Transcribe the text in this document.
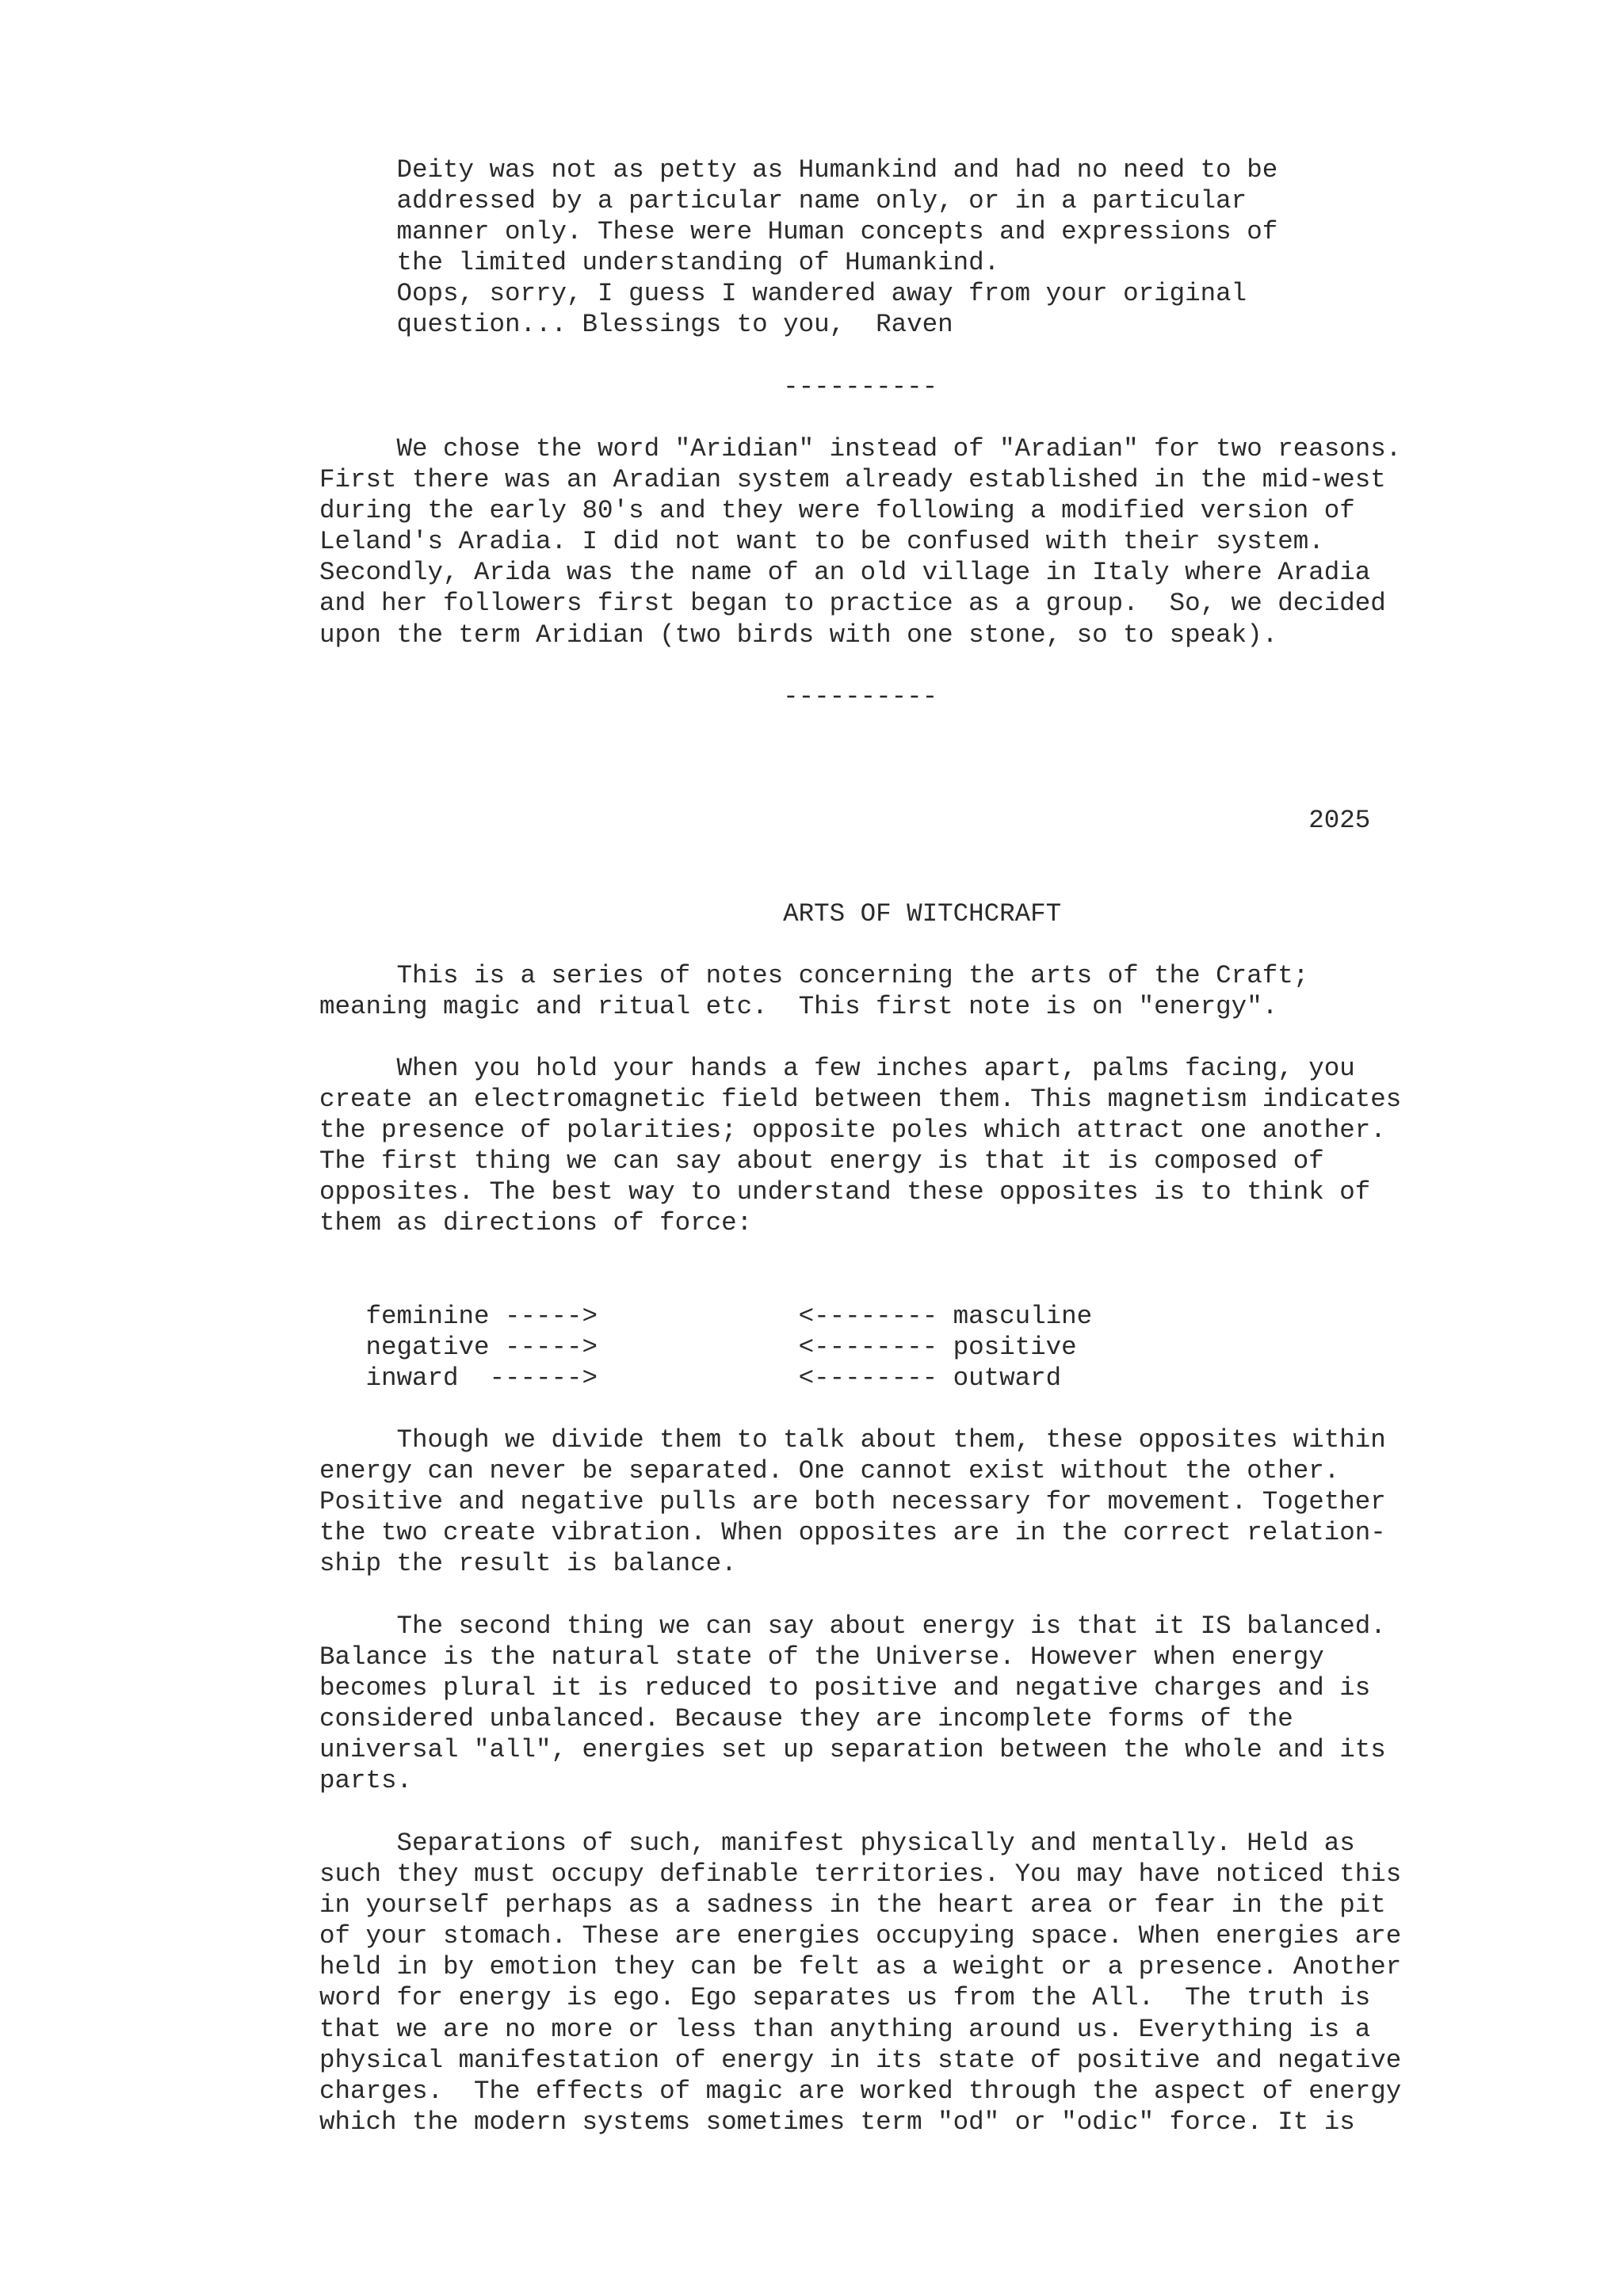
Deity was not as petty as Humankind and had no need to be
addressed by a particular name only, or in a particular
manner only. These were Human concepts and expressions of
the limited understanding of Humankind.
Oops, sorry, I guess I wandered away from your original
question... Blessings to you,  Raven
----------
We chose the word "Aridian" instead of "Aradian" for two reasons.
First there was an Aradian system already established in the mid-west
during the early 80's and they were following a modified version of
Leland's Aradia. I did not want to be confused with their system.
Secondly, Arida was the name of an old village in Italy where Aradia
and her followers first began to practice as a group.  So, we decided
upon the term Aridian (two birds with one stone, so to speak).
----------
2025
ARTS OF WITCHCRAFT
This is a series of notes concerning the arts of the Craft;
meaning magic and ritual etc.  This first note is on "energy".
When you hold your hands a few inches apart, palms facing, you
create an electromagnetic field between them. This magnetism indicates
the presence of polarities; opposite poles which attract one another.
The first thing we can say about energy is that it is composed of
opposites. The best way to understand these opposites is to think of
them as directions of force:
feminine ----->             <-------- masculine
negative ----->             <-------- positive
inward  ------>             <-------- outward
Though we divide them to talk about them, these opposites within
energy can never be separated. One cannot exist without the other.
Positive and negative pulls are both necessary for movement. Together
the two create vibration. When opposites are in the correct relation-
ship the result is balance.
The second thing we can say about energy is that it IS balanced.
Balance is the natural state of the Universe. However when energy
becomes plural it is reduced to positive and negative charges and is
considered unbalanced. Because they are incomplete forms of the
universal "all", energies set up separation between the whole and its
parts.
Separations of such, manifest physically and mentally. Held as
such they must occupy definable territories. You may have noticed this
in yourself perhaps as a sadness in the heart area or fear in the pit
of your stomach. These are energies occupying space. When energies are
held in by emotion they can be felt as a weight or a presence. Another
word for energy is ego. Ego separates us from the All.  The truth is
that we are no more or less than anything around us. Everything is a
physical manifestation of energy in its state of positive and negative
charges.  The effects of magic are worked through the aspect of energy
which the modern systems sometimes term "od" or "odic" force. It is
